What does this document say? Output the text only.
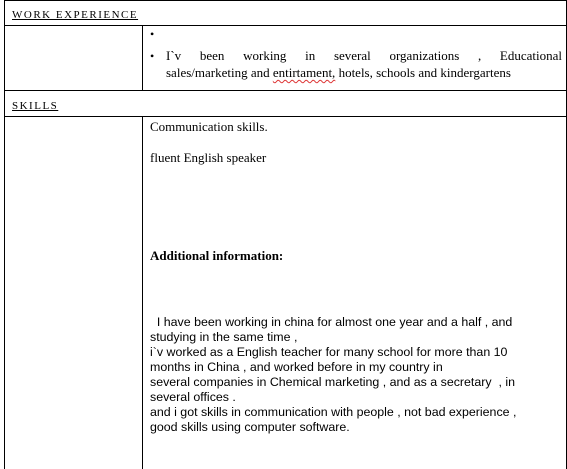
WORK EXPERIENCE
•
• I`v been working in several organizations , Educational
sales/marketing and entirtament, hotels, schools and kindergartens
SKILLS
Communication skills.
fluent English speaker
Additional information:
I have been working in china for almost one year and a half , and
studying in the same time ,
i`v worked as a English teacher for many school for more than 10
months in China , and worked before in my country in
several companies in Chemical marketing , and as a secretary  , in
several offices .
and i got skills in communication with people , not bad experience ,
good skills using computer software.
